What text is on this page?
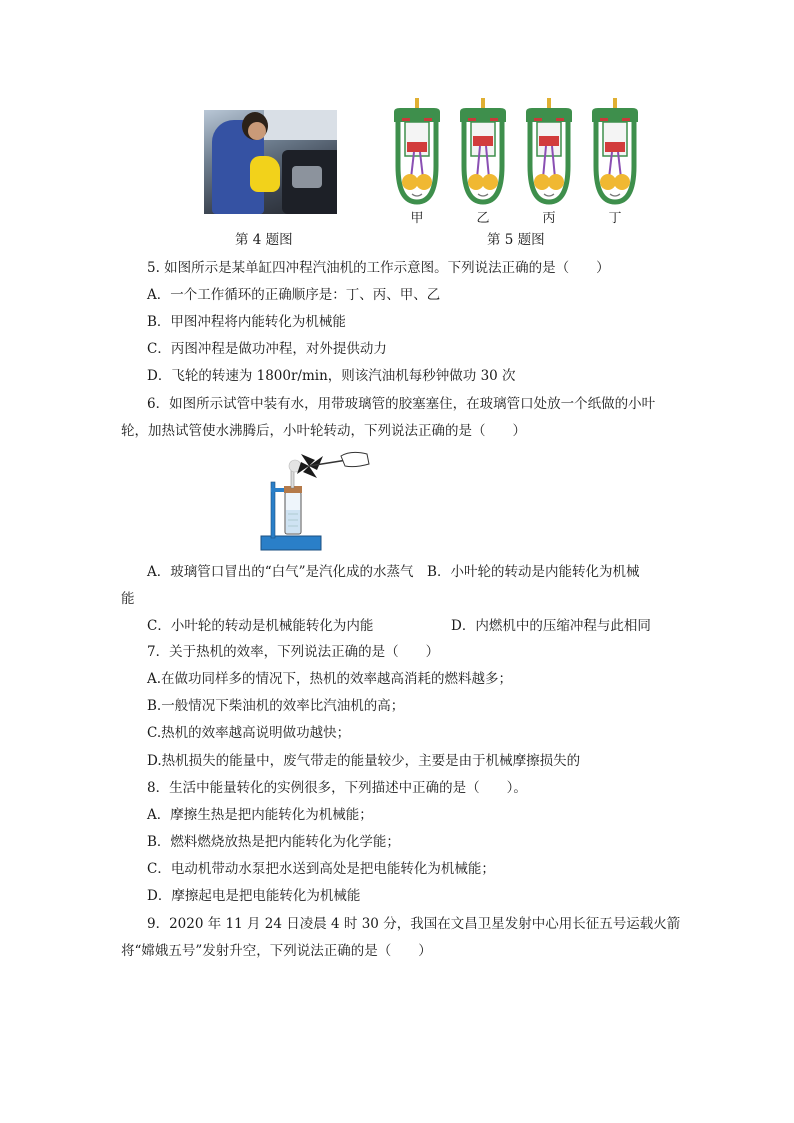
第 4 题图
甲	乙	丙	丁
第 5 题图
5. 如图所示是某单缸四冲程汽油机的工作示意图。下列说法正确的是（　　）
A．一个工作循环的正确顺序是：丁、丙、甲、乙
B．甲图冲程将内能转化为机械能
C．丙图冲程是做功冲程，对外提供动力
D．飞轮的转速为 1800r/min，则该汽油机每秒钟做功 30 次
6．如图所示试管中装有水，用带玻璃管的胶塞塞住，在玻璃管口处放一个纸做的小叶
轮，加热试管使水沸腾后，小叶轮转动，下列说法正确的是（　　）
A．玻璃管口冒出的“白气”是汽化成的水蒸气　B．小叶轮的转动是内能转化为机械
能
C．小叶轮的转动是机械能转化为内能	D．内燃机中的压缩冲程与此相同
7．关于热机的效率，下列说法正确的是（　　）
A.在做功同样多的情况下，热机的效率越高消耗的燃料越多；
B.一般情况下柴油机的效率比汽油机的高；
C.热机的效率越高说明做功越快；
D.热机损失的能量中，废气带走的能量较少，主要是由于机械摩擦损失的
8．生活中能量转化的实例很多，下列描述中正确的是（　　）。
A．摩擦生热是把内能转化为机械能；
B．燃料燃烧放热是把内能转化为化学能；
C．电动机带动水泵把水送到高处是把电能转化为机械能；
D．摩擦起电是把电能转化为机械能
9．2020 年 11 月 24 日凌晨 4 时 30 分，我国在文昌卫星发射中心用长征五号运载火箭
将“嫦娥五号”发射升空，下列说法正确的是（　　）
